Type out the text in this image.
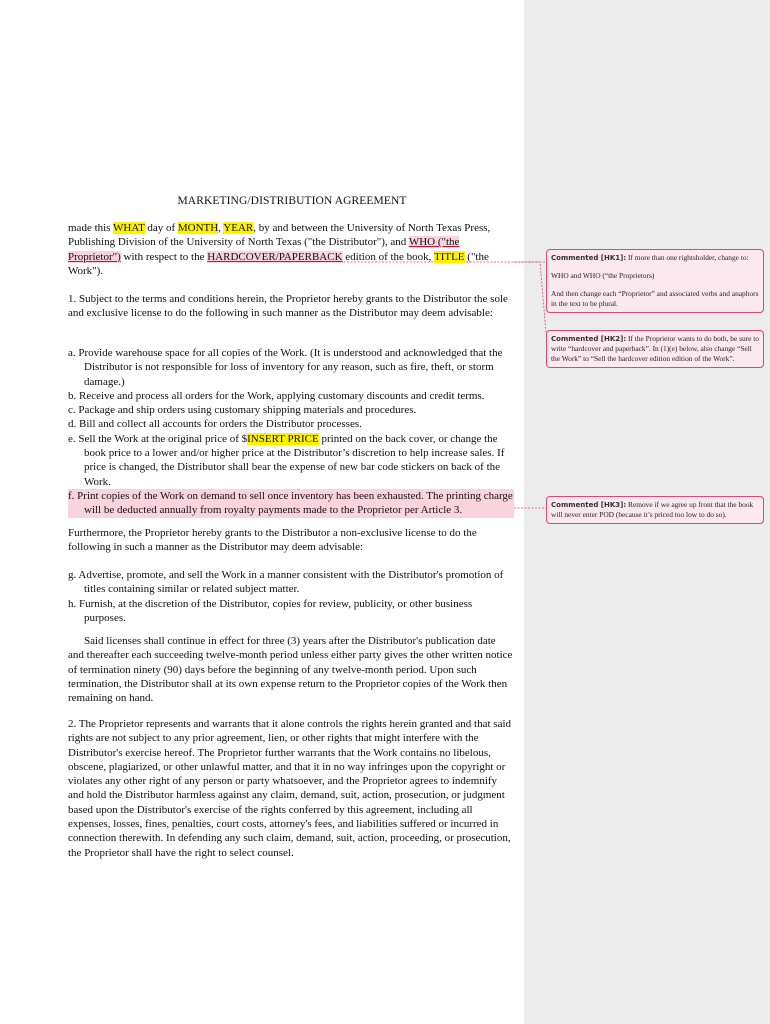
MARKETING/DISTRIBUTION AGREEMENT

made this WHAT day of MONTH, YEAR, by and between the University of North Texas Press, Publishing Division of the University of North Texas ("the Distributor"), and WHO ("the Proprietor") with respect to the HARDCOVER/PAPERBACK edition of the book, TITLE ("the Work").

1. Subject to the terms and conditions herein, the Proprietor hereby grants to the Distributor the sole and exclusive license to do the following in such manner as the Distributor may deem advisable:

a. Provide warehouse space for all copies of the Work. (It is understood and acknowledged that the Distributor is not responsible for loss of inventory for any reason, such as fire, theft, or storm damage.)

b. Receive and process all orders for the Work, applying customary discounts and credit terms.

c. Package and ship orders using customary shipping materials and procedures.

d. Bill and collect all accounts for orders the Distributor processes.

e. Sell the Work at the original price of $INSERT PRICE printed on the back cover, or change the book price to a lower and/or higher price at the Distributor’s discretion to help increase sales. If price is changed, the Distributor shall bear the expense of new bar code stickers on back of the Work.

f. Print copies of the Work on demand to sell once inventory has been exhausted. The printing charge will be deducted annually from royalty payments made to the Proprietor per Article 3.

Furthermore, the Proprietor hereby grants to the Distributor a non-exclusive license to do the following in such a manner as the Distributor may deem advisable:

g. Advertise, promote, and sell the Work in a manner consistent with the Distributor's promotion of titles containing similar or related subject matter.

h. Furnish, at the discretion of the Distributor, copies for review, publicity, or other business purposes.

Said licenses shall continue in effect for three (3) years after the Distributor's publication date and thereafter each succeeding twelve-month period unless either party gives the other written notice of termination ninety (90) days before the beginning of any twelve-month period. Upon such termination, the Distributor shall at its own expense return to the Proprietor copies of the Work then remaining on hand.

2. The Proprietor represents and warrants that it alone controls the rights herein granted and that said rights are not subject to any prior agreement, lien, or other rights that might interfere with the Distributor's exercise hereof. The Proprietor further warrants that the Work contains no libelous, obscene, plagiarized, or other unlawful matter, and that it in no way infringes upon the copyright or violates any other right of any person or party whatsoever, and the Proprietor agrees to indemnify and hold the Distributor harmless against any claim, demand, suit, action, prosecution, or judgment based upon the Distributor's exercise of the rights conferred by this agreement, including all expenses, losses, fines, penalties, court costs, attorney's fees, and liabilities suffered or incurred in connection therewith. In defending any such claim, demand, suit, action, proceeding, or prosecution, the Proprietor shall have the right to select counsel.

Commented [HK1]: If more than one rightsholder, change to:

WHO and WHO (“the Proprietors)

And then change each “Proprietor” and associated verbs and anaphors in the text to be plural.

Commented [HK2]: If the Proprietor wants to do both, be sure to write “hardcover and paperback”. In (1)(e) below, also change “Sell the Work” to “Sell the hardcover edition edition of the Work”.

Commented [HK3]: Remove if we agree up front that the book will never enter POD (because it’s priced too low to do so).
